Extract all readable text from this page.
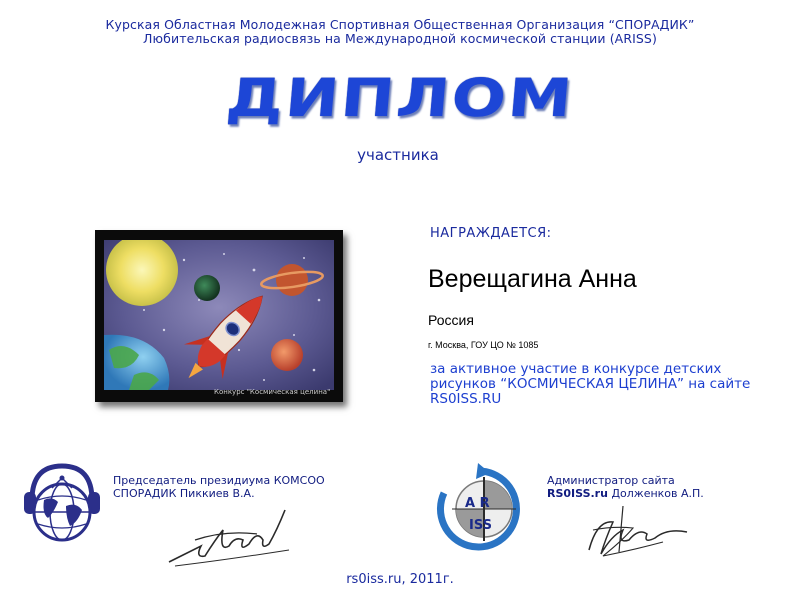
Курская Областная Молодежная Спортивная Общественная Организация “СПОРАДИК”
Любительская радиосвязь на Международной космической станции (ARISS)
ДИПЛОМ
участника
Конкурс "Космическая целина"
НАГРАЖДАЕТСЯ:
Верещагина Анна
Россия
г. Москва, ГОУ ЦО № 1085
за активное участие в конкурсе детских рисунков “КОСМИЧЕСКАЯ ЦЕЛИНА” на сайте RS0ISS.RU
Председатель президиума КОМСОО СПОРАДИК Пиккиев В.А.
A R
ISS
Администратор сайта
RS0ISS.ru Долженков А.П.
rs0iss.ru, 2011г.
